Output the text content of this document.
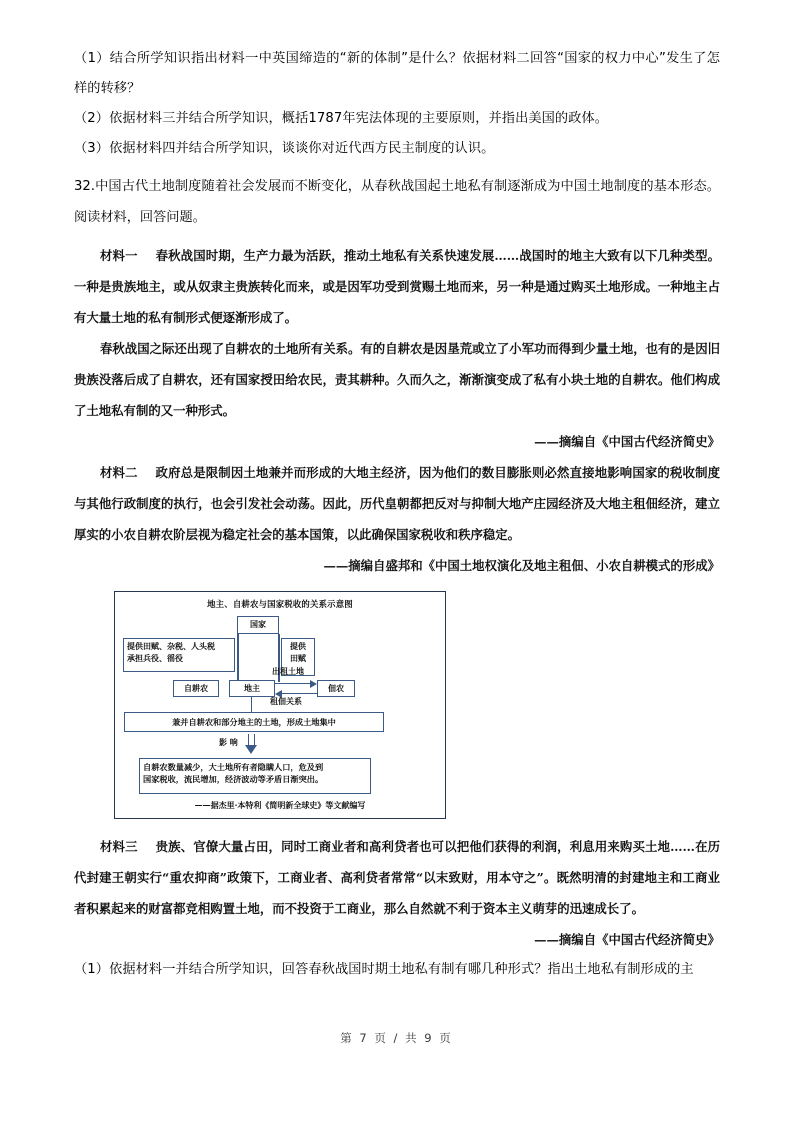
（1）结合所学知识指出材料一中英国缔造的“新的体制”是什么？依据材料二回答“国家的权力中心”发生了怎样的转移？
（2）依据材料三并结合所学知识，概括1787年宪法体现的主要原则，并指出美国的政体。
（3）依据材料四并结合所学知识，谈谈你对近代西方民主制度的认识。
32.中国古代土地制度随着社会发展而不断变化，从春秋战国起土地私有制逐渐成为中国土地制度的基本形态。阅读材料，回答问题。
材料一 春秋战国时期，生产力最为活跃，推动土地私有关系快速发展……战国时的地主大致有以下几种类型。一种是贵族地主，或从奴隶主贵族转化而来，或是因军功受到赏赐土地而来，另一种是通过购买土地形成。一种地主占有大量土地的私有制形式便逐渐形成了。
春秋战国之际还出现了自耕农的土地所有关系。有的自耕农是因垦荒或立了小军功而得到少量土地，也有的是因旧贵族没落后成了自耕农，还有国家授田给农民，责其耕种。久而久之，渐渐演变成了私有小块土地的自耕农。他们构成了土地私有制的又一种形式。
——摘编自《中国古代经济简史》
材料二 政府总是限制因土地兼并而形成的大地主经济，因为他们的数目膨胀则必然直接地影响国家的税收制度与其他行政制度的执行，也会引发社会动荡。因此，历代皇朝都把反对与抑制大地产庄园经济及大地主租佃经济，建立厚实的小农自耕农阶层视为稳定社会的基本国策，以此确保国家税收和秩序稳定。
——摘编自盛邦和《中国土地权演化及地主租佃、小农自耕模式的形成》
地主、自耕农与国家税收的关系示意图
国家
提供田赋、杂税、人头税
承担兵役、徭役
提供
田赋
自耕农	地主	佃农
出租土地
租佃关系
兼并自耕农和部分地主的土地，形成土地集中
影 响
自耕农数量减少，大土地所有者隐瞒人口，危及到
国家税收，流民增加，经济波动等矛盾日渐突出。
——据杰里·本特利《简明新全球史》等文献编写
材料三 贵族、官僚大量占田，同时工商业者和高利贷者也可以把他们获得的利润，利息用来购买土地……在历代封建王朝实行“重农抑商”政策下，工商业者、高利贷者常常“以末致财，用本守之”。既然明清的封建地主和工商业者积累起来的财富都竞相购置土地，而不投资于工商业，那么自然就不利于资本主义萌芽的迅速成长了。
——摘编自《中国古代经济简史》
（1）依据材料一并结合所学知识，回答春秋战国时期土地私有制有哪几种形式？指出土地私有制形成的主
第 7 页 / 共 9 页
